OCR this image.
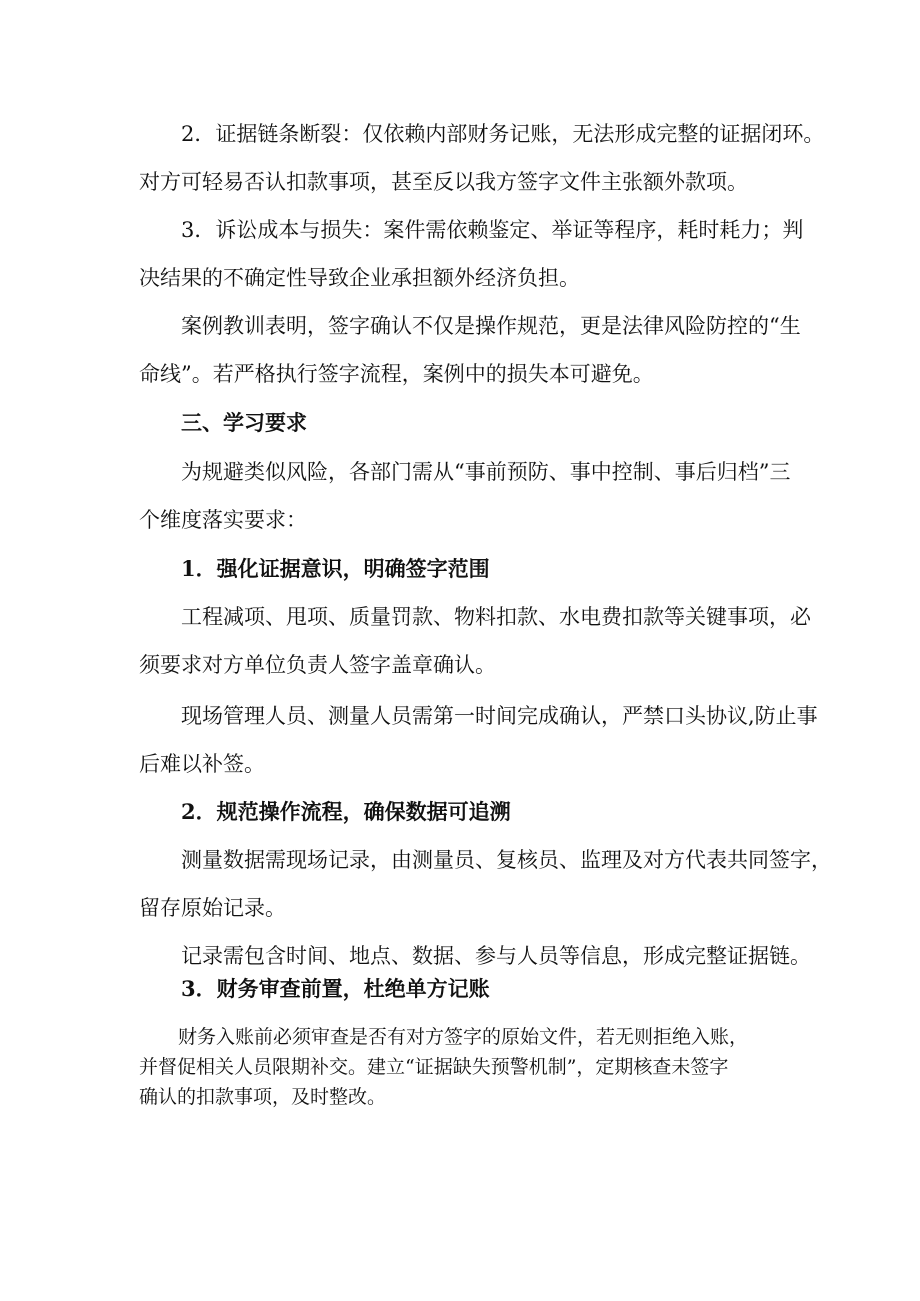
2．证据链条断裂：仅依赖内部财务记账，无法形成完整的证据闭环。
对方可轻易否认扣款事项，甚至反以我方签字文件主张额外款项。
3．诉讼成本与损失：案件需依赖鉴定、举证等程序，耗时耗力；判
决结果的不确定性导致企业承担额外经济负担。
案例教训表明，签字确认不仅是操作规范，更是法律风险防控的“生
命线”。若严格执行签字流程，案例中的损失本可避免。
三、学习要求
为规避类似风险，各部门需从“事前预防、事中控制、事后归档”三
个维度落实要求：
1．强化证据意识，明确签字范围
工程减项、甩项、质量罚款、物料扣款、水电费扣款等关键事项，必
须要求对方单位负责人签字盖章确认。
现场管理人员、测量人员需第一时间完成确认，严禁口头协议,防止事
后难以补签。
2．规范操作流程，确保数据可追溯
测量数据需现场记录，由测量员、复核员、监理及对方代表共同签字，
留存原始记录。
记录需包含时间、地点、数据、参与人员等信息，形成完整证据链。
3．财务审查前置，杜绝单方记账
财务入账前必须审查是否有对方签字的原始文件，若无则拒绝入账，
并督促相关人员限期补交。建立“证据缺失预警机制”，定期核查未签字
确认的扣款事项，及时整改。
